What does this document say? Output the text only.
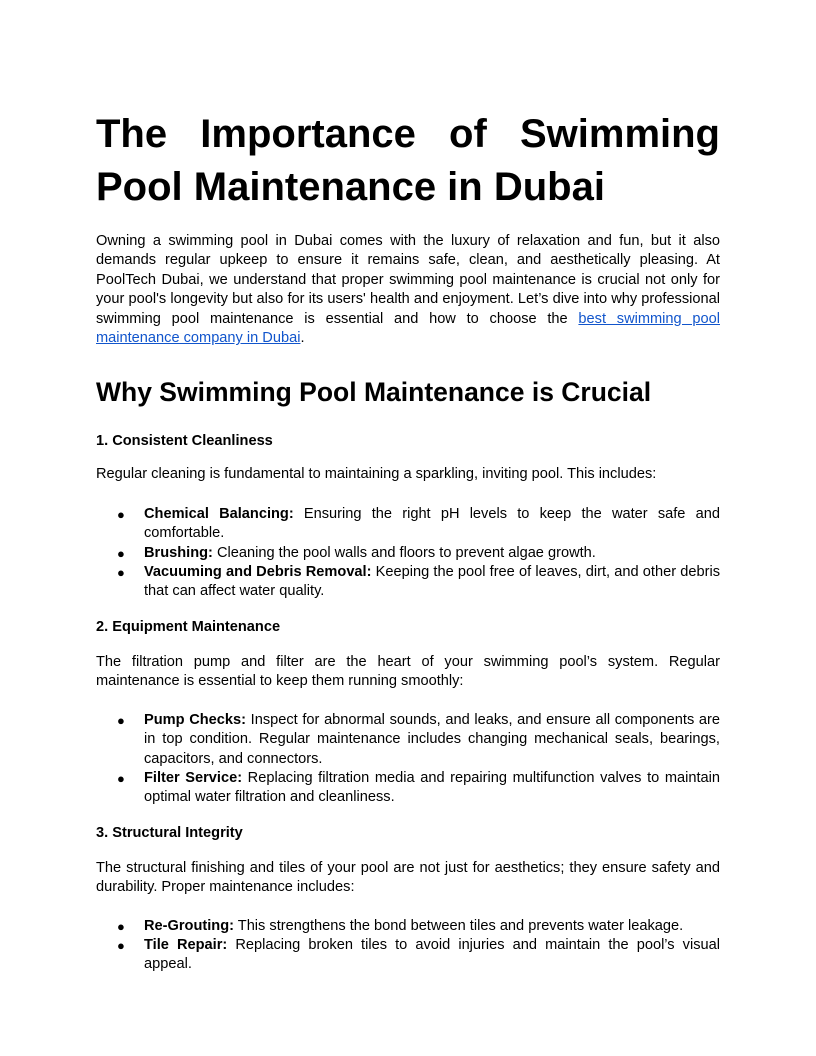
The Importance of Swimming
Pool Maintenance in Dubai

Owning a swimming pool in Dubai comes with the luxury of relaxation and fun, but it also demands regular upkeep to ensure it remains safe, clean, and aesthetically pleasing. At PoolTech Dubai, we understand that proper swimming pool maintenance is crucial not only for your pool's longevity but also for its users' health and enjoyment. Let’s dive into why professional swimming pool maintenance is essential and how to choose the best swimming pool maintenance company in Dubai.

Why Swimming Pool Maintenance is Crucial
1. Consistent Cleanliness

Regular cleaning is fundamental to maintaining a sparkling, inviting pool. This includes:

● Chemical Balancing: Ensuring the right pH levels to keep the water safe and comfortable.
● Brushing: Cleaning the pool walls and floors to prevent algae growth.
● Vacuuming and Debris Removal: Keeping the pool free of leaves, dirt, and other debris that can affect water quality.
2. Equipment Maintenance

The filtration pump and filter are the heart of your swimming pool’s system. Regular maintenance is essential to keep them running smoothly:

● Pump Checks: Inspect for abnormal sounds, and leaks, and ensure all components are in top condition. Regular maintenance includes changing mechanical seals, bearings, capacitors, and connectors.
● Filter Service: Replacing filtration media and repairing multifunction valves to maintain optimal water filtration and cleanliness.
3. Structural Integrity

The structural finishing and tiles of your pool are not just for aesthetics; they ensure safety and durability. Proper maintenance includes:

● Re-Grouting: This strengthens the bond between tiles and prevents water leakage.
● Tile Repair: Replacing broken tiles to avoid injuries and maintain the pool’s visual appeal.
